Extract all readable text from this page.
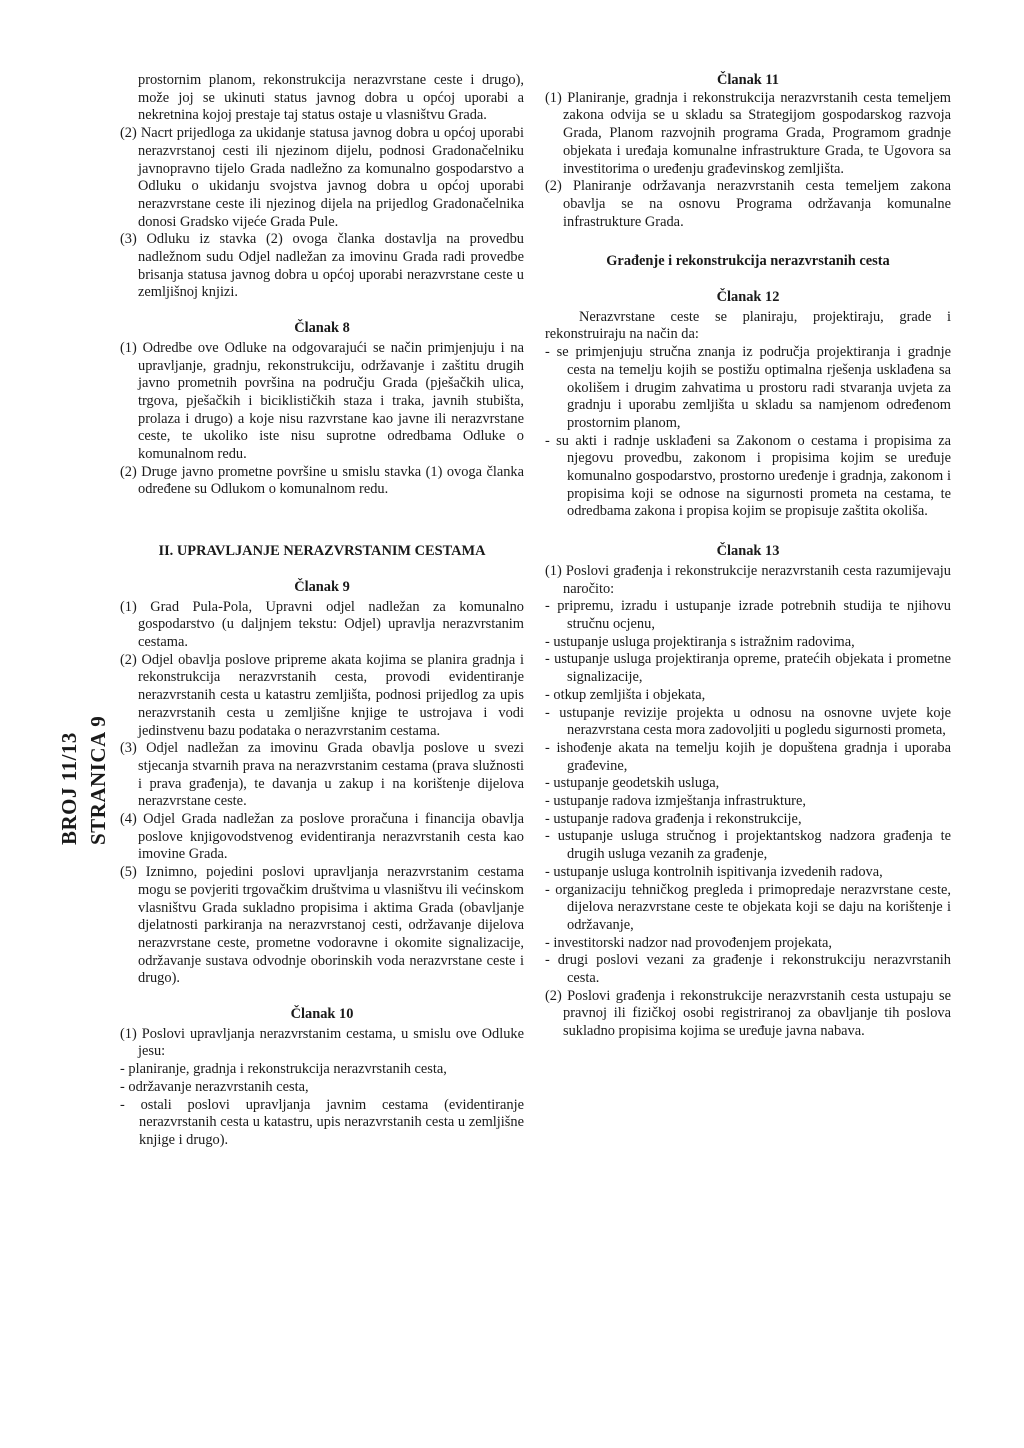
BROJ 11/13 STRANICA 9

prostornim planom, rekonstrukcija nerazvrstane ceste i drugo), može joj se ukinuti status javnog dobra u općoj uporabi a nekretnina kojoj prestaje taj status ostaje u vlasništvu Grada.

(2) Nacrt prijedloga za ukidanje statusa javnog dobra u općoj uporabi nerazvrstanoj cesti ili njezinom dijelu, podnosi Gradonačelniku javnopravno tijelo Grada nadležno za komunalno gospodarstvo a Odluku o ukidanju svojstva javnog dobra u općoj uporabi nerazvrstane ceste ili njezinog dijela na prijedlog Gradonačelnika donosi Gradsko vijeće Grada Pule.

(3) Odluku iz stavka (2) ovoga članka dostavlja na provedbu nadležnom sudu Odjel nadležan za imovinu Grada radi provedbe brisanja statusa javnog dobra u općoj uporabi nerazvrstane ceste u zemljišnoj knjizi.

Članak 8

(1) Odredbe ove Odluke na odgovarajući se način primjenjuju i na upravljanje, gradnju, rekonstrukciju, održavanje i zaštitu drugih javno prometnih površina na području Grada (pješačkih ulica, trgova, pješačkih i biciklističkih staza i traka, javnih stubišta, prolaza i drugo) a koje nisu razvrstane kao javne ili nerazvrstane ceste, te ukoliko iste nisu suprotne odredbama Odluke o komunalnom redu.

(2) Druge javno prometne površine u smislu stavka (1) ovoga članka određene su Odlukom o komunalnom redu.

II. UPRAVLJANJE NERAZVRSTANIM CESTAMA

Članak 9

(1) Grad Pula-Pola, Upravni odjel nadležan za komunalno gospodarstvo (u daljnjem tekstu: Odjel) upravlja nerazvrstanim cestama.

(2) Odjel obavlja poslove pripreme akata kojima se planira gradnja i rekonstrukcija nerazvrstanih cesta, provodi evidentiranje nerazvrstanih cesta u katastru zemljišta, podnosi prijedlog za upis nerazvrstanih cesta u zemljišne knjige te ustrojava i vodi jedinstvenu bazu podataka o nerazvrstanim cestama.

(3) Odjel nadležan za imovinu Grada obavlja poslove u svezi stjecanja stvarnih prava na nerazvrstanim cestama (prava služnosti i prava građenja), te davanja u zakup i na korištenje dijelova nerazvrstane ceste.

(4) Odjel Grada nadležan za poslove proračuna i financija obavlja poslove knjigovodstvenog evidentiranja nerazvrstanih cesta kao imovine Grada.

(5) Iznimno, pojedini poslovi upravljanja nerazvrstanim cestama mogu se povjeriti trgovačkim društvima u vlasništvu ili većinskom vlasništvu Grada sukladno propisima i aktima Grada (obavljanje djelatnosti parkiranja na nerazvrstanoj cesti, održavanje dijelova nerazvrstane ceste, prometne vodoravne i okomite signalizacije, održavanje sustava odvodnje oborinskih voda nerazvrstane ceste i drugo).

Članak 10

(1) Poslovi upravljanja nerazvrstanim cestama, u smislu ove Odluke jesu:

- planiranje, gradnja i rekonstrukcija nerazvrstanih cesta,

- održavanje nerazvrstanih cesta,

- ostali poslovi upravljanja javnim cestama (evidentiranje nerazvrstanih cesta u katastru, upis nerazvrstanih cesta u zemljišne knjige i drugo).

Članak 11

(1) Planiranje, gradnja i rekonstrukcija nerazvrstanih cesta temeljem zakona odvija se u skladu sa Strategijom gospodarskog razvoja Grada, Planom razvojnih programa Grada, Programom gradnje objekata i uređaja komunalne infrastrukture Grada, te Ugovora sa investitorima o uređenju građevinskog zemljišta.

(2) Planiranje održavanja nerazvrstanih cesta temeljem zakona obavlja se na osnovu Programa održavanja komunalne infrastrukture Grada.

Građenje i rekonstrukcija nerazvrstanih cesta

Članak 12

Nerazvrstane ceste se planiraju, projektiraju, grade i rekonstruiraju na način da:

- se primjenjuju stručna znanja iz područja projektiranja i gradnje cesta na temelju kojih se postižu optimalna rješenja usklađena sa okolišem i drugim zahvatima u prostoru radi stvaranja uvjeta za gradnju i uporabu zemljišta u skladu sa namjenom određenom prostornim planom,

- su akti i radnje usklađeni sa Zakonom o cestama i propisima za njegovu provedbu, zakonom i propisima kojim se uređuje komunalno gospodarstvo, prostorno uređenje i gradnja, zakonom i propisima koji se odnose na sigurnosti prometa na cestama, te odredbama zakona i propisa kojim se propisuje zaštita okoliša.

Članak 13

(1) Poslovi građenja i rekonstrukcije nerazvrstanih cesta razumijevaju naročito:

- pripremu, izradu i ustupanje izrade potrebnih studija te njihovu stručnu ocjenu,

- ustupanje usluga projektiranja s istražnim radovima,

- ustupanje usluga projektiranja opreme, pratećih objekata i prometne signalizacije,

- otkup zemljišta i objekata,

- ustupanje revizije projekta u odnosu na osnovne uvjete koje nerazvrstana cesta mora zadovoljiti u pogledu sigurnosti prometa,

- ishođenje akata na temelju kojih je dopuštena gradnja i uporaba građevine,

- ustupanje geodetskih usluga,

- ustupanje radova izmještanja infrastrukture,

- ustupanje radova građenja i rekonstrukcije,

- ustupanje usluga stručnog i projektantskog nadzora građenja te drugih usluga vezanih za građenje,

- ustupanje usluga kontrolnih ispitivanja izvedenih radova,

- organizaciju tehničkog pregleda i primopredaje nerazvrstane ceste, dijelova nerazvrstane ceste te objekata koji se daju na korištenje i održavanje,

- investitorski nadzor nad provođenjem projekata,

- drugi poslovi vezani za građenje i rekonstrukciju nerazvrstanih cesta.

(2) Poslovi građenja i rekonstrukcije nerazvrstanih cesta ustupaju se pravnoj ili fizičkoj osobi registriranoj za obavljanje tih poslova sukladno propisima kojima se uređuje javna nabava.
